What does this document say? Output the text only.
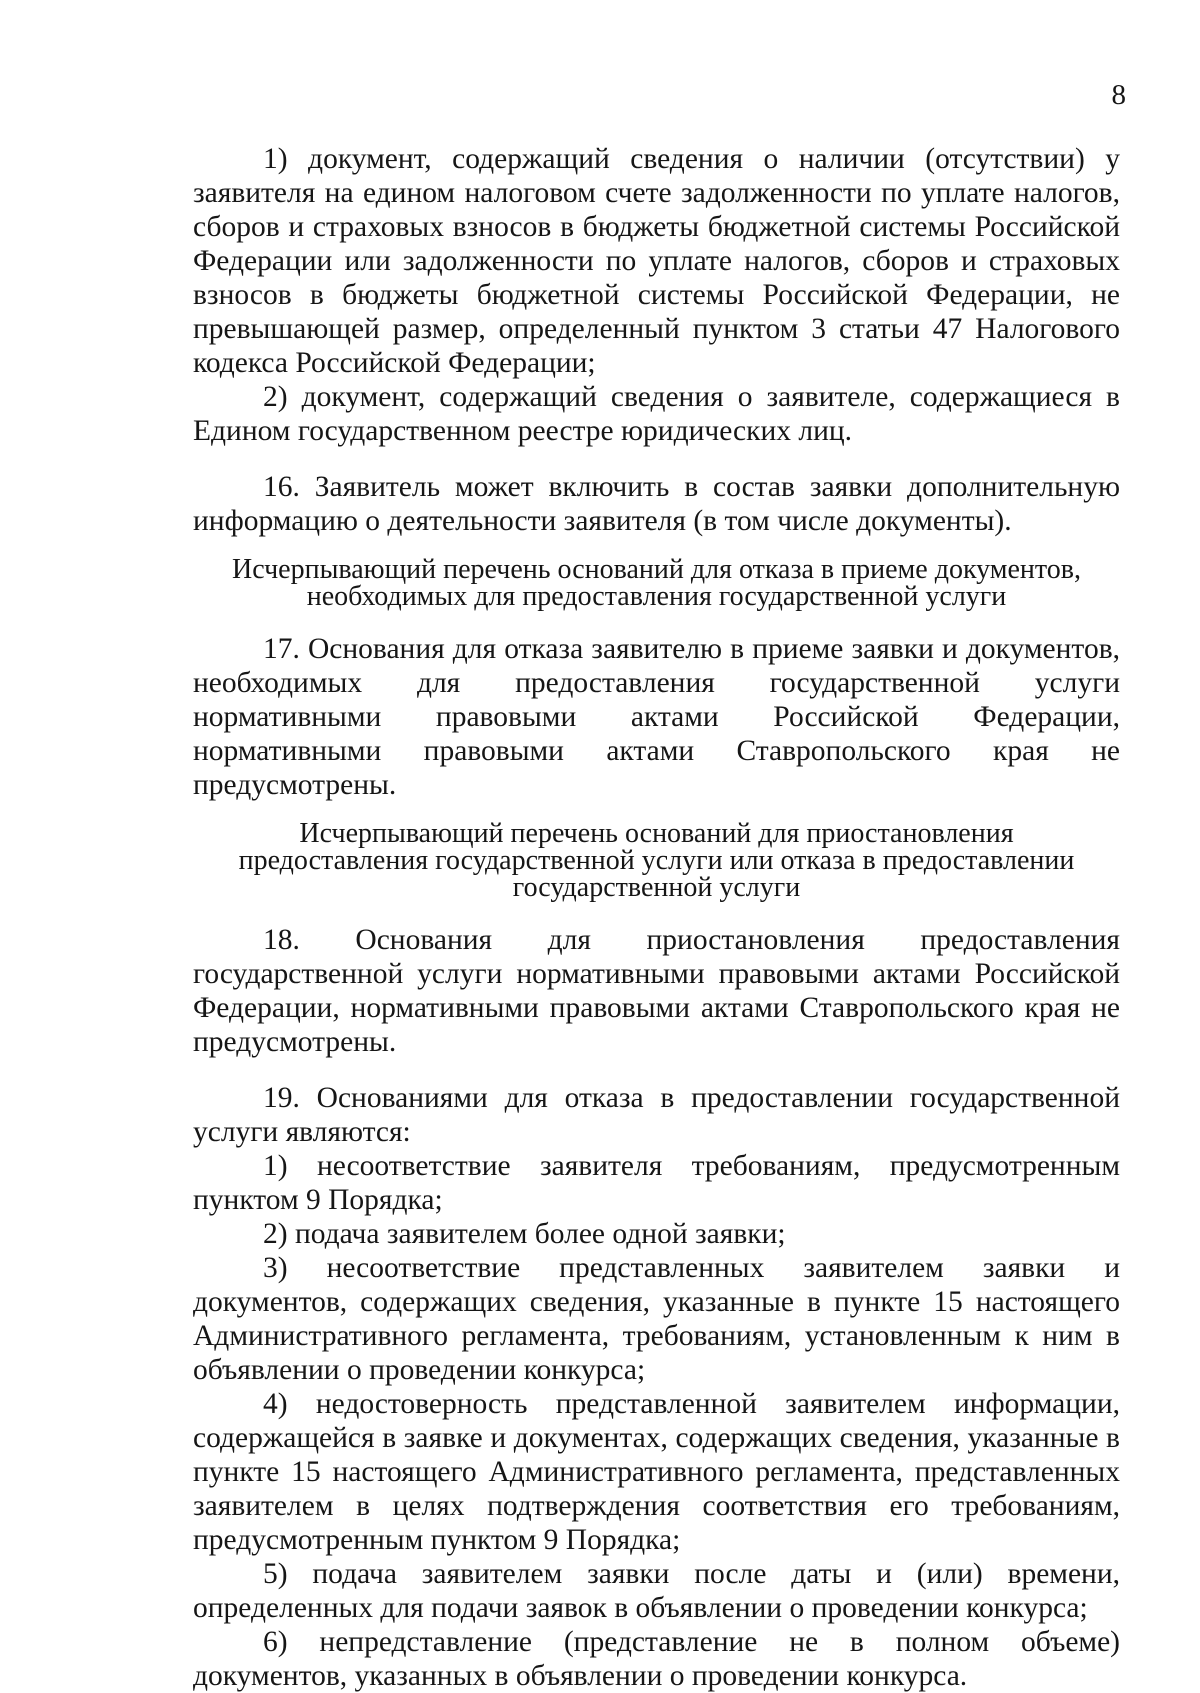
8

1) документ, содержащий сведения о наличии (отсутствии) у заявителя на едином налоговом счете задолженности по уплате налогов, сборов и страховых взносов в бюджеты бюджетной системы Российской Федерации или задолженности по уплате налогов, сборов и страховых взносов в бюджеты бюджетной системы Российской Федерации, не превышающей размер, определенный пунктом 3 статьи 47 Налогового кодекса Российской Федерации;

2) документ, содержащий сведения о заявителе, содержащиеся в Едином государственном реестре юридических лиц.

16. Заявитель может включить в состав заявки дополнительную информацию о деятельности заявителя (в том числе документы).

Исчерпывающий перечень оснований для отказа в приеме документов,

необходимых для предоставления государственной услуги

17. Основания для отказа заявителю в приеме заявки и документов, необходимых для предоставления государственной услуги нормативными правовыми актами Российской Федерации, нормативными правовыми актами Ставропольского края не предусмотрены.

Исчерпывающий перечень оснований для приостановления

предоставления государственной услуги или отказа в предоставлении

государственной услуги

18. Основания для приостановления предоставления государственной услуги нормативными правовыми актами Российской Федерации, нормативными правовыми актами Ставропольского края не предусмотрены.

19. Основаниями для отказа в предоставлении государственной услуги являются:

1) несоответствие заявителя требованиям, предусмотренным пунктом 9 Порядка;

2) подача заявителем более одной заявки;

3) несоответствие представленных заявителем заявки и документов, содержащих сведения, указанные в пункте 15 настоящего Административного регламента, требованиям, установленным к ним в объявлении о проведении конкурса;

4) недостоверность представленной заявителем информации, содержащейся в заявке и документах, содержащих сведения, указанные в пункте 15 настоящего Административного регламента, представленных заявителем в целях подтверждения соответствия его требованиям, предусмотренным пунктом 9 Порядка;

5) подача заявителем заявки после даты и (или) времени, определенных для подачи заявок в объявлении о проведении конкурса;

6) непредставление (представление не в полном объеме) документов, указанных в объявлении о проведении конкурса.
